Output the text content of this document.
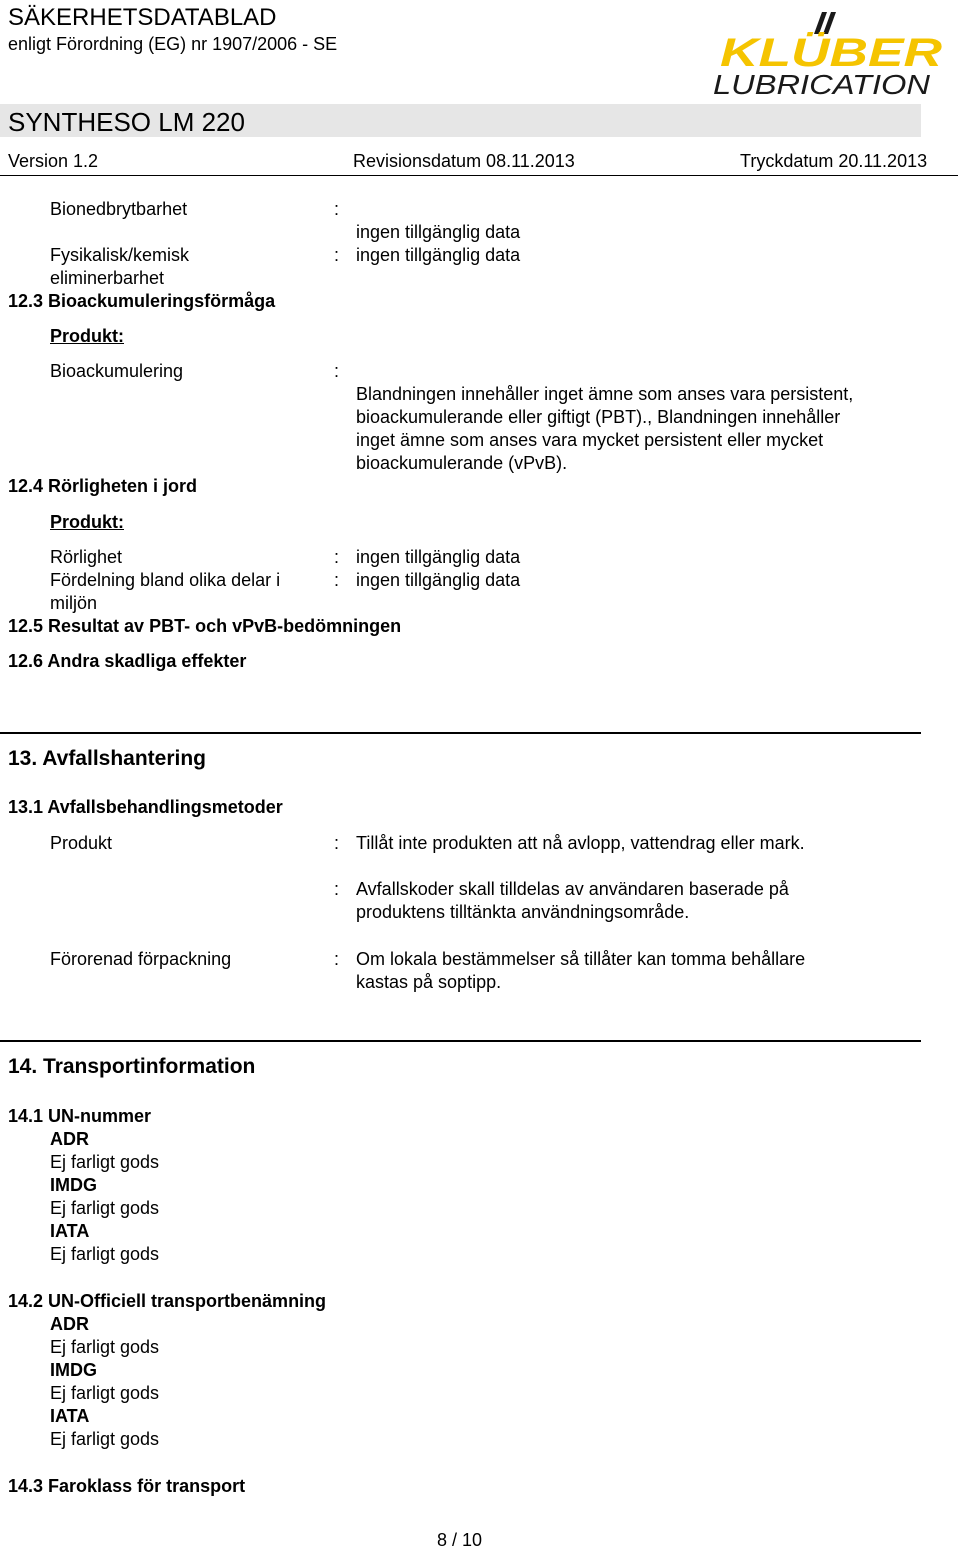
SÄKERHETSDATABLAD
enligt Förordning (EG) nr 1907/2006 - SE	KLÜBER
LUBRICATION
SYNTHESO LM 220
Version 1.2	Revisionsdatum 08.11.2013	Tryckdatum 20.11.2013
Bionedbrytbarhet	:
ingen tillgänglig data
Fysikalisk/kemisk
eliminerbarhet
: ingen tillgänglig data
12.3 Bioackumuleringsförmåga
Produkt:
Bioackumulering	:
Blandningen innehåller inget ämne som anses vara persistent,
bioackumulerande eller giftigt (PBT)., Blandningen innehåller
inget ämne som anses vara mycket persistent eller mycket
bioackumulerande (vPvB).
12.4 Rörligheten i jord
Produkt:
Rörlighet	: ingen tillgänglig data
Fördelning bland olika delar i
miljön
: ingen tillgänglig data
12.5 Resultat av PBT- och vPvB-bedömningen
12.6 Andra skadliga effekter
13. Avfallshantering
13.1 Avfallsbehandlingsmetoder
Produkt	: Tillåt inte produkten att nå avlopp, vattendrag eller mark.
: Avfallskoder skall tilldelas av användaren baserade på
produktens tilltänkta användningsområde.
Förorenad förpackning	: Om lokala bestämmelser så tillåter kan tomma behållare
kastas på soptipp.
14. Transportinformation
14.1 UN-nummer
ADR
Ej farligt gods
IMDG
Ej farligt gods
IATA
Ej farligt gods
14.2 UN-Officiell transportbenämning
ADR
Ej farligt gods
IMDG
Ej farligt gods
IATA
Ej farligt gods
14.3 Faroklass för transport
8 / 10
